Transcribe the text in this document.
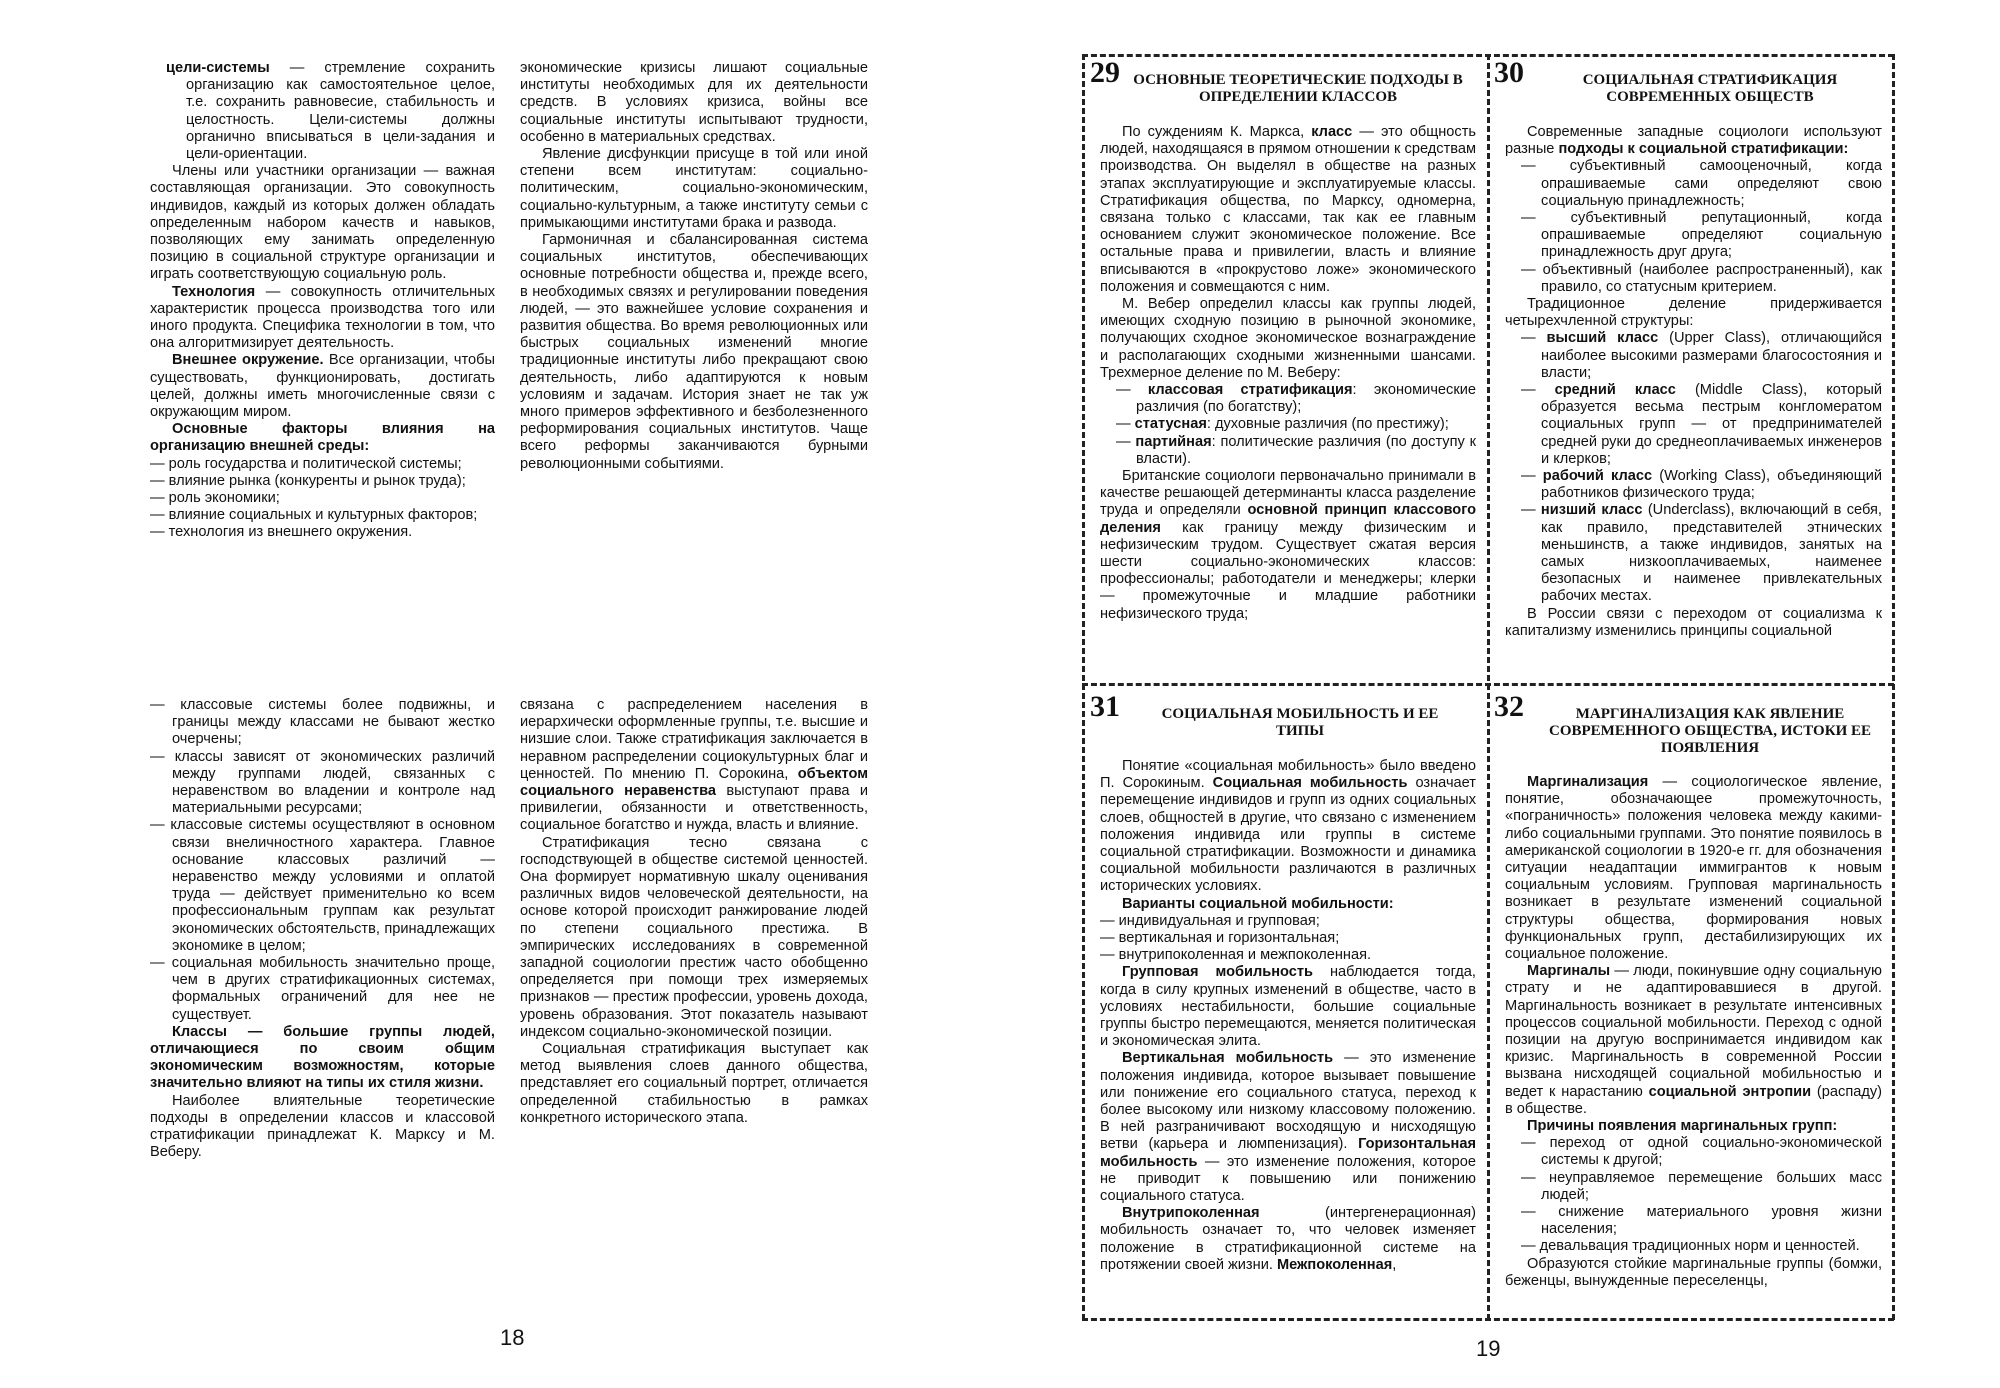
цели-системы — стремление сохранить организацию как самостоятельное целое, т.е. сохранить равновесие, стабильность и целостность. Цели-системы должны органично вписываться в цели-задания и цели-ориентации.

Члены или участники организации — важная составляющая организации. Это совокупность индивидов, каждый из которых должен обладать определенным набором качеств и навыков, позволяющих ему занимать определенную позицию в социальной структуре организации и играть соответствующую социальную роль.

Технология — совокупность отличительных характеристик процесса производства того или иного продукта. Специфика технологии в том, что она алгоритмизирует деятельность.

Внешнее окружение. Все организации, чтобы существовать, функционировать, достигать целей, должны иметь многочисленные связи с окружающим миром.

Основные факторы влияния на организацию внешней среды:

— роль государства и политической системы;
— влияние рынка (конкуренты и рынок труда);
— роль экономики;
— влияние социальных и культурных факторов;
— технология из внешнего окружения.

экономические кризисы лишают социальные институты необходимых для их деятельности средств. В условиях кризиса, войны все социальные институты испытывают трудности, особенно в материальных средствах.

Явление дисфункции присуще в той или иной степени всем институтам: социально-политическим, социально-экономическим, социально-культурным, а также институту семьи с примыкающими институтами брака и развода.

Гармоничная и сбалансированная система социальных институтов, обеспечивающих основные потребности общества и, прежде всего, в необходимых связях и регулировании поведения людей, — это важнейшее условие сохранения и развития общества. Во время революционных или быстрых социальных изменений многие традиционные институты либо прекращают свою деятельность, либо адаптируются к новым условиям и задачам. История знает не так уж много примеров эффективного и безболезненного реформирования социальных институтов. Чаще всего реформы заканчиваются бурными революционными событиями.

— классовые системы более подвижны, и границы между классами не бывают жестко очерчены;
— классы зависят от экономических различий между группами людей, связанных с неравенством во владении и контроле над материальными ресурсами;
— классовые системы осуществляют в основном связи внеличностного характера. Главное основание классовых различий — неравенство между условиями и оплатой труда — действует применительно ко всем профессиональным группам как результат экономических обстоятельств, принадлежащих экономике в целом;
— социальная мобильность значительно проще, чем в других стратификационных системах, формальных ограничений для нее не существует.

Классы — большие группы людей, отличающиеся по своим общим экономическим возможностям, которые значительно влияют на типы их стиля жизни.

Наиболее влиятельные теоретические подходы в определении классов и классовой стратификации принадлежат К. Марксу и М. Веберу.

связана с распределением населения в иерархически оформленные группы, т.е. высшие и низшие слои. Также стратификация заключается в неравном распределении социокультурных благ и ценностей. По мнению П. Сорокина, объектом социального неравенства выступают права и привилегии, обязанности и ответственность, социальное богатство и нужда, власть и влияние.

Стратификация тесно связана с господствующей в обществе системой ценностей. Она формирует нормативную шкалу оценивания различных видов человеческой деятельности, на основе которой происходит ранжирование людей по степени социального престижа. В эмпирических исследованиях в современной западной социологии престиж часто обобщенно определяется при помощи трех измеряемых признаков — престиж профессии, уровень дохода, уровень образования. Этот показатель называют индексом социально-экономической позиции.

Социальная стратификация выступает как метод выявления слоев данного общества, представляет его социальный портрет, отличается определенной стабильностью в рамках конкретного исторического этапа.

18
29 ОСНОВНЫЕ ТЕОРЕТИЧЕСКИЕ ПОДХОДЫ В ОПРЕДЕЛЕНИИ КЛАССОВ

По суждениям К. Маркса, класс — это общность людей, находящаяся в прямом отношении к средствам производства. Он выделял в обществе на разных этапах эксплуатирующие и эксплуатируемые классы. Стратификация общества, по Марксу, одномерна, связана только с классами, так как ее главным основанием служит экономическое положение. Все остальные права и привилегии, власть и влияние вписываются в «прокрустово ложе» экономического положения и совмещаются с ним.

М. Вебер определил классы как группы людей, имеющих сходную позицию в рыночной экономике, получающих сходное экономическое вознаграждение и располагающих сходными жизненными шансами. Трехмерное деление по М. Веберу:

— классовая стратификация: экономические различия (по богатству);
— статусная: духовные различия (по престижу);
— партийная: политические различия (по доступу к власти).

Британские социологи первоначально принимали в качестве решающей детерминанты класса разделение труда и определяли основной принцип классового деления как границу между физическим и нефизическим трудом. Существует сжатая версия шести социально-экономических классов: профессионалы; работодатели и менеджеры; клерки — промежуточные и младшие работники нефизического труда;

30	СОЦИАЛЬНАЯ СТРАТИФИКАЦИЯ СОВРЕМЕННЫХ ОБЩЕСТВ

Современные западные социологи используют разные подходы к социальной стратификации:

— субъективный самооценочный, когда опрашиваемые сами определяют свою социальную принадлежность;
— субъективный репутационный, когда опрашиваемые определяют социальную принадлежность друг друга;
— объективный (наиболее распространенный), как правило, со статусным критерием.

Традиционное деление придерживается четырехчленной структуры:

— высший класс (Upper Class), отличающийся наиболее высокими размерами благосостояния и власти;
— средний класс (Middle Class), который образуется весьма пестрым конгломератом социальных групп — от предпринимателей средней руки до среднеоплачиваемых инженеров и клерков;
— рабочий класс (Working Class), объединяющий работников физического труда;
— низший класс (Underclass), включающий в себя, как правило, представителей этнических меньшинств, а также индивидов, занятых на самых низкооплачиваемых, наименее безопасных и наименее привлекательных рабочих местах.

В России связи с переходом от социализма к капитализму изменились принципы социальной

31	СОЦИАЛЬНАЯ МОБИЛЬНОСТЬ И ЕЕ ТИПЫ

Понятие «социальная мобильность» было введено П. Сорокиным. Социальная мобильность означает перемещение индивидов и групп из одних социальных слоев, общностей в другие, что связано с изменением положения индивида или группы в системе социальной стратификации. Возможности и динамика социальной мобильности различаются в различных исторических условиях.

Варианты социальной мобильности:

— индивидуальная и групповая;
— вертикальная и горизонтальная;
— внутрипоколенная и межпоколенная.

Групповая мобильность наблюдается тогда, когда в силу крупных изменений в обществе, часто в условиях нестабильности, большие социальные группы быстро перемещаются, меняется политическая и экономическая элита.

Вертикальная мобильность — это изменение положения индивида, которое вызывает повышение или понижение его социального статуса, переход к более высокому или низкому классовому положению. В ней разграничивают восходящую и нисходящую ветви (карьера и люмпенизация). Горизонтальная мобильность — это изменение положения, которое не приводит к повышению или понижению социального статуса.

Внутрипоколенная (интергенерационная) мобильность означает то, что человек изменяет положение в стратификационной системе на протяжении своей жизни. Межпоколенная,

32	МАРГИНАЛИЗАЦИЯ КАК ЯВЛЕНИЕ СОВРЕМЕННОГО ОБЩЕСТВА, ИСТОКИ ЕЕ ПОЯВЛЕНИЯ

Маргинализация — социологическое явление, понятие, обозначающее промежуточность, «пограничность» положения человека между какими-либо социальными группами. Это понятие появилось в американской социологии в 1920-е гг. для обозначения ситуации неадаптации иммигрантов к новым социальным условиям. Групповая маргинальность возникает в результате изменений социальной структуры общества, формирования новых функциональных групп, дестабилизирующих их социальное положение.

Маргиналы — люди, покинувшие одну социальную страту и не адаптировавшиеся в другой. Маргинальность возникает в результате интенсивных процессов социальной мобильности. Переход с одной позиции на другую воспринимается индивидом как кризис. Маргинальность в современной России вызвана нисходящей социальной мобильностью и ведет к нарастанию социальной энтропии (распаду) в обществе.

Причины появления маргинальных групп:

— переход от одной социально-экономической системы к другой;
— неуправляемое перемещение больших масс людей;
— снижение материального уровня жизни населения;
— девальвация традиционных норм и ценностей.

Образуются стойкие маргинальные группы (бомжи, беженцы, вынужденные переселенцы,

19
